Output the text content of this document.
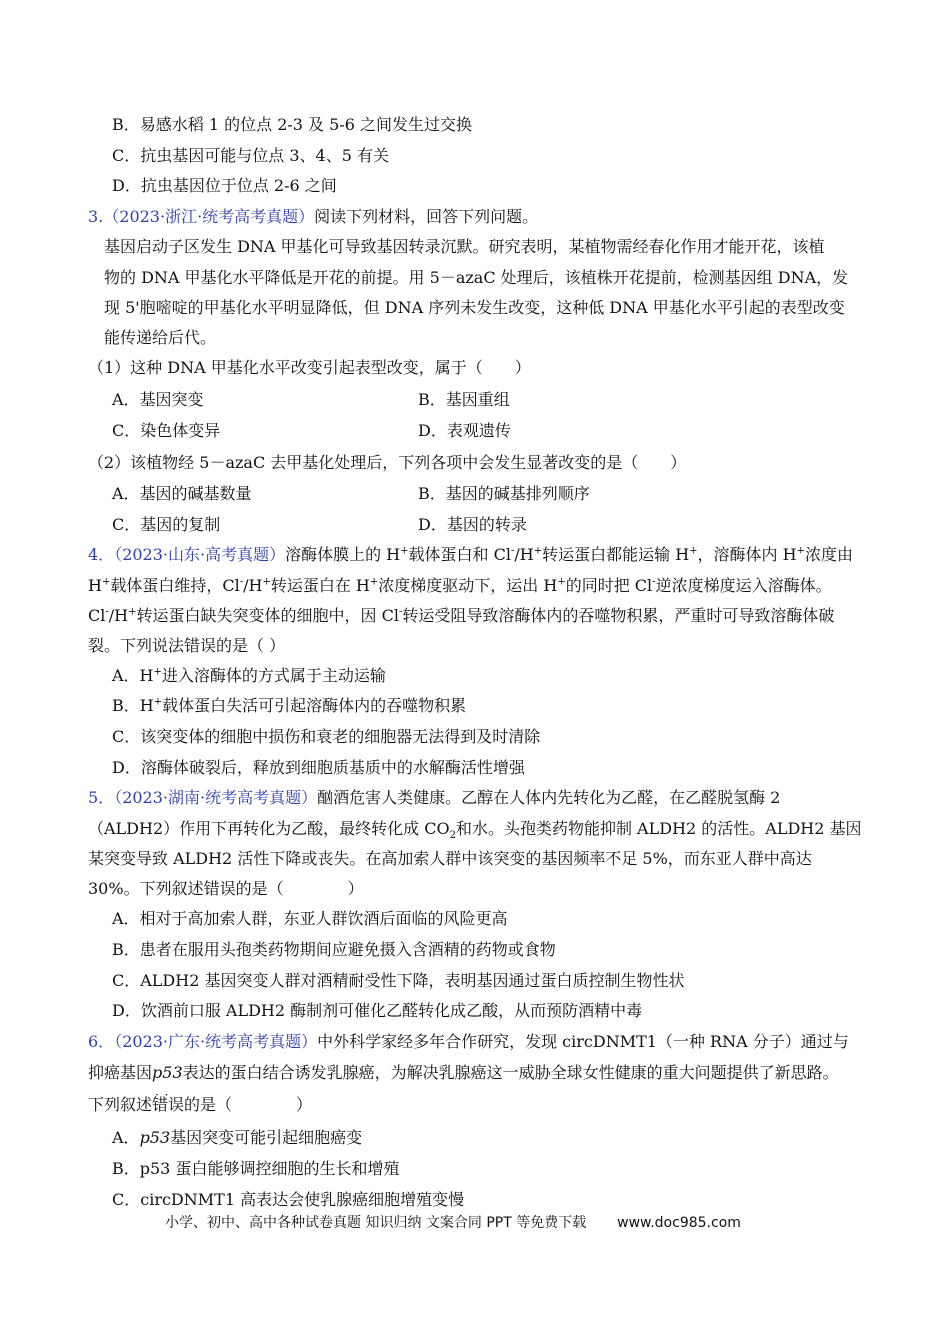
B．易感水稻 1 的位点 2-3 及 5-6 之间发生过交换
C．抗虫基因可能与位点 3、4、5 有关
D．抗虫基因位于位点 2-6 之间
3.（2023·浙江·统考高考真题）阅读下列材料，回答下列问题。
基因启动子区发生 DNA 甲基化可导致基因转录沉默。研究表明，某植物需经春化作用才能开花，该植
物的 DNA 甲基化水平降低是开花的前提。用 5－azaC 处理后，该植株开花提前，检测基因组 DNA，发
现 5'胞嘧啶的甲基化水平明显降低，但 DNA 序列未发生改变，这种低 DNA 甲基化水平引起的表型改变
能传递给后代。
（1）这种 DNA 甲基化水平改变引起表型改变，属于（　　）
A．基因突变	B．基因重组
C．染色体变异	D．表观遗传
（2）该植物经 5－azaC 去甲基化处理后，下列各项中会发生显著改变的是（　　）
A．基因的碱基数量	B．基因的碱基排列顺序
C．基因的复制	D．基因的转录
4．（2023·山东·高考真题）溶酶体膜上的 H+载体蛋白和 Cl-/H+转运蛋白都能运输 H+，溶酶体内 H+浓度由
H+载体蛋白维持，Cl-/H+转运蛋白在 H+浓度梯度驱动下，运出 H+的同时把 Cl-逆浓度梯度运入溶酶体。
Cl-/H+转运蛋白缺失突变体的细胞中，因 Cl-转运受阻导致溶酶体内的吞噬物积累，严重时可导致溶酶体破
裂。下列说法错误的是（ ）
A．H+进入溶酶体的方式属于主动运输
B．H+载体蛋白失活可引起溶酶体内的吞噬物积累
C．该突变体的细胞中损伤和衰老的细胞器无法得到及时清除
D．溶酶体破裂后，释放到细胞质基质中的水解酶活性增强
5．（2023·湖南·统考高考真题）酗酒危害人类健康。乙醇在人体内先转化为乙醛，在乙醛脱氢酶 2
（ALDH2）作用下再转化为乙酸，最终转化成 $CO_2$和水。头孢类药物能抑制 ALDH2 的活性。ALDH2 基因
某突变导致 ALDH2 活性下降或丧失。在高加索人群中该突变的基因频率不足 5%，而东亚人群中高达
30%。下列叙述错误的是（　　　　）
A．相对于高加索人群，东亚人群饮酒后面临的风险更高
B．患者在服用头孢类药物期间应避免摄入含酒精的药物或食物
C．ALDH2 基因突变人群对酒精耐受性下降，表明基因通过蛋白质控制生物性状
D．饮酒前口服 ALDH2 酶制剂可催化乙醛转化成乙酸，从而预防酒精中毒
6．（2023·广东·统考高考真题）中外科学家经多年合作研究，发现 circDNMT1（一种 RNA 分子）通过与
抑癌基因p53表达的蛋白结合诱发乳腺癌，为解决乳腺癌这一威胁全球女性健康的重大问题提供了新思路。
下列叙述· · 错误的是（　　　　）
A．p53基因突变可能引起细胞癌变
B．p53 蛋白能够调控细胞的生长和增殖
C．circDNMT1 高表达会使乳腺癌细胞增殖变慢
小学、初中、高中各种试卷真题 知识归纳 文案合同 PPT 等免费下载 www.doc985.com
